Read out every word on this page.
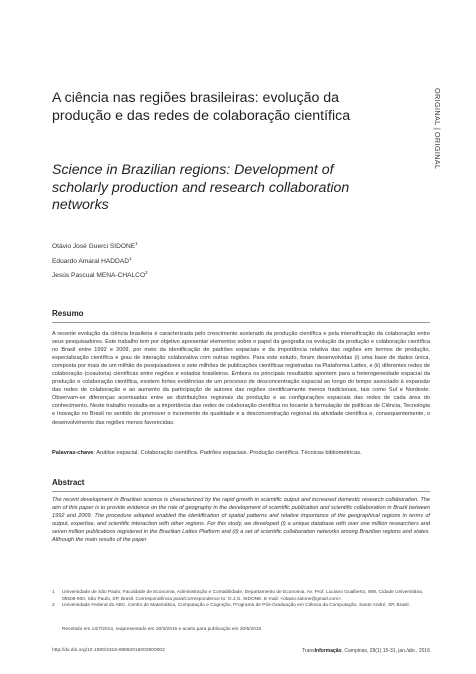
ORIGINAL|ORIGINAL
A ciência nas regiões brasileiras: evolução da produção e das redes de colaboração científica
Science in Brazilian regions: Development of scholarly production and research collaboration networks
Otávio José Guerci SIDONE$^1$
Eduardo Amaral HADDAD$^1$
Jesús Pascual MENA-CHALCO$^2$
Resumo
A recente evolução da ciência brasileira é caracterizada pelo crescimento acelerado da produção científica e pela intensificação da colaboração entre seus pesquisadores. Este trabalho tem por objetivo apresentar elementos sobre o papel da geografia na evolução da produção e colaboração científica no Brasil entre 1992 e 2009, por meio da identificação de padrões espaciais e da importância relativa das regiões em termos de produção, especialização científica e grau de interação colaborativa com outras regiões. Para este estudo, foram desenvolvidas (i) uma base de dados única, composta por mais de um milhão de pesquisadores e sete milhões de publicações científicas registradas na Plataforma Lattes, e (ii) diferentes redes de colaboração (coautoria) científicas entre regiões e estados brasileiros. Embora os principais resultados apontem para a heterogeneidade espacial da produção e colaboração científica, existem fortes evidências de um processo de desconcentração espacial ao longo do tempo associado à expansão das redes de colaboração e ao aumento da participação de autores das regiões cientificamente menos tradicionais, tais como Sul e Nordeste. Observam-se diferenças acentuadas entre as distribuições regionais da produção e as configurações espaciais das redes de cada área do conhecimento. Neste trabalho ressalta-se a importância das redes de colaboração científica no tocante à formulação de políticas de Ciência, Tecnologia e Inovação no Brasil no sentido de promover o incremento de qualidade e a desconcentração regional da atividade científica e, consequentemente, o desenvolvimento das regiões menos favorecidas.
Palavras-chave: Análise espacial. Colaboração científica. Padrões espaciais. Produção científica. Técnicas bibliométricas.
Abstract
The recent development in Brazilian science is characterized by the rapid growth in scientific output and increased domestic research collaboration. The aim of this paper is to provide evidence on the role of geography in the development of scientific publication and scientific collaboration in Brazil between 1992 and 2009. The procedure adopted enabled the identification of spatial patterns and relative importance of the geographical regions in terms of output, expertise, and scientific interaction with other regions. For this study, we developed (i) a unique database with over one million researchers and seven million publications registered in the Brazilian Lattes Platform and (ii) a set of scientific collaboration networks among Brazilian regions and states. Although the main results of the paper
1 Universidade de São Paulo, Faculdade de Economia, Administração e Contabilidade, Departamento de Economia. Av. Prof. Luciano Gualberto, 908, Cidade Universitária, 05508-900, São Paulo, SP, Brasil. Correspondência para/Correspondence to: O.J.G. SIDONE. E-mail: <otavio.sidone@gmail.com>.
2 Universidade Federal do ABC, Centro de Matemática, Computação e Cognição, Programa de Pós-Graduação em Ciência da Computação. Santo André, SP, Brasil.
Recebido em 14/7/2014, reapresentado em 30/3/2015 e aceito para publicação em 20/5/2015.
http://dx.doi.org/10.1590/2318-08892016002800002	TransInformação, Campinas, 28(1):15-31, jan./abr., 2016
